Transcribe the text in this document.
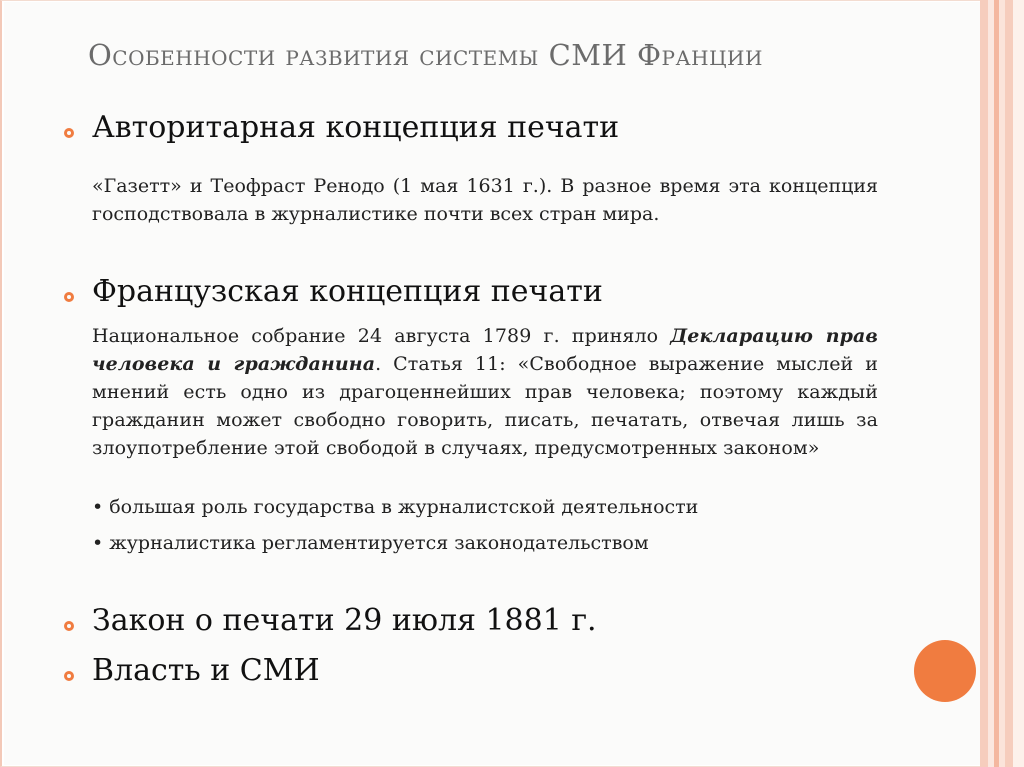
Особенности развития системы СМИ Франции
Авторитарная концепция печати
«Газетт» и Теофраст Ренодо (1 мая 1631 г.). В разное время эта концепция господствовала в журналистике почти всех стран мира.
Французская концепция печати
Национальное собрание 24 августа 1789 г. приняло Декларацию прав человека и гражданина. Статья 11: «Свободное выражение мыслей и мнений есть одно из драгоценнейших прав человека; поэтому каждый гражданин может свободно говорить, писать, печатать, отвечая лишь за злоупотребление этой свободой в случаях, предусмотренных законом»
• большая роль государства в журналистской деятельности
• журналистика регламентируется законодательством
Закон о печати 29 июля 1881 г.
Власть и СМИ
